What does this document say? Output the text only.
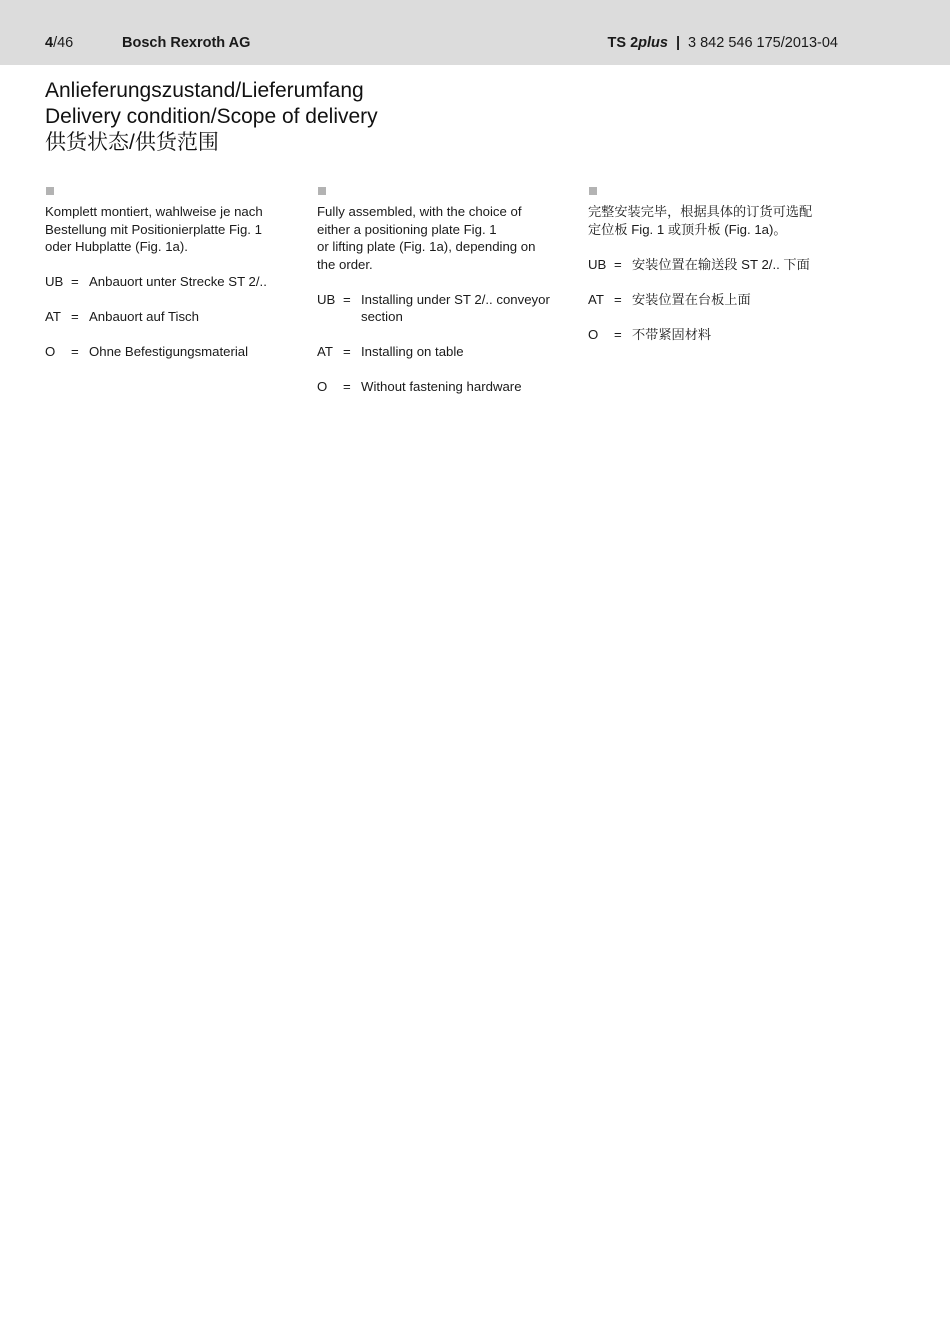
4/46	Bosch Rexroth AG	TS 2plus | 3 842 546 175/2013-04
Anlieferungszustand/Lieferumfang
Delivery condition/Scope of delivery
供货状态/供货范围
Komplett montiert, wahlweise je nach
Bestellung mit Positionierplatte Fig. 1
oder Hubplatte (Fig. 1a).
UB = Anbauort unter Strecke ST 2/..
AT = Anbauort auf Tisch
O	= Ohne Befestigungsmaterial
Fully assembled, with the choice of
either a positioning plate Fig. 1
or lifting plate (Fig. 1a), depending on
the order.
UB = Installing under ST 2/.. conveyor section
AT = Installing on table
O	= Without fastening hardware
完整安装完毕，根据具体的订货可选配
定位板 Fig. 1 或顶升板 (Fig. 1a)。
UB = 安装位置在输送段 ST 2/.. 下面
AT = 安装位置在台板上面
O	= 不带紧固材料
